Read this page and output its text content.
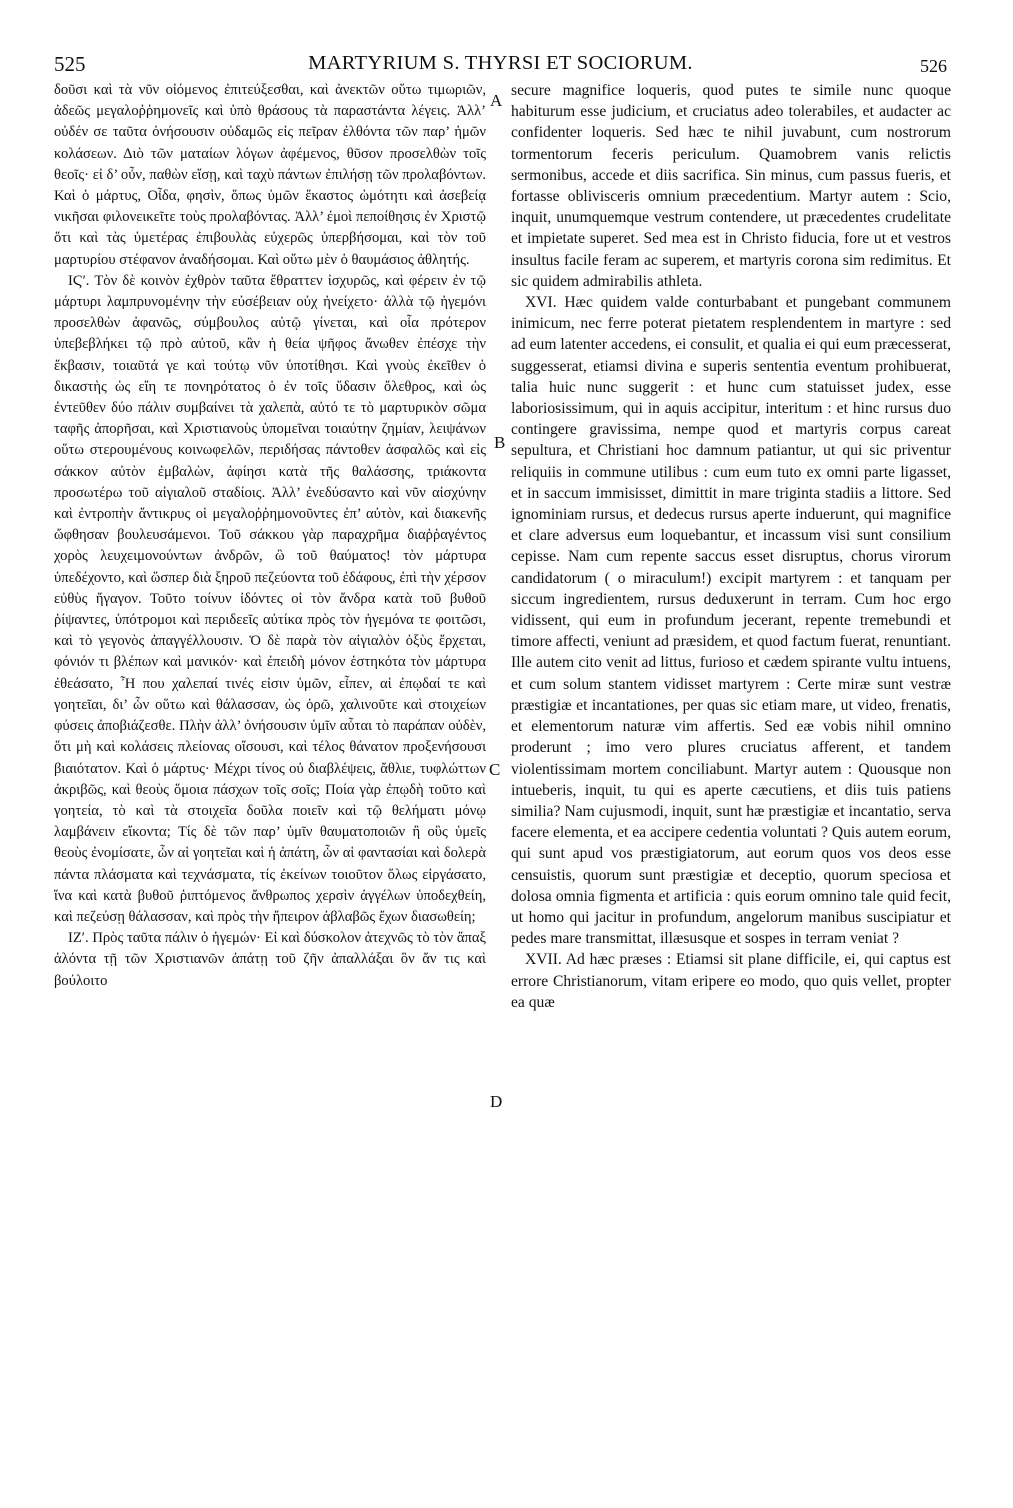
525	MARTYRIUM S. THYRSI ET SOCIORUM.	526

δοῦσι καὶ τὰ νῦν οἰόμενος ἐπιτεύξεσθαι, καὶ ἀνεκτῶν οὕτω τιμωριῶν, ἀδεῶς μεγαλοῤῥημονεῖς καὶ ὑπὸ θράσους τὰ παραστάντα λέγεις. Ἀλλ’ οὐδέν σε ταῦτα ὀνήσουσιν οὐδαμῶς εἰς πεῖραν ἐλθόντα τῶν παρ’ ἡμῶν κολάσεων. Διὸ τῶν ματαίων λόγων ἀφέμενος, θῦσον προσελθὼν τοῖς θεοῖς· εἰ δ’ οὖν, παθὼν εἴσῃ, καὶ ταχὺ πάντων ἐπιλήσῃ τῶν προλαβόντων. Καὶ ὁ μάρτυς, Οἶδα, φησὶν, ὅπως ὑμῶν ἕκαστος ὠμότητι καὶ ἀσεβείᾳ νικῆσαι φιλονεικεῖτε τοὺς προλαβόντας. Ἀλλ’ ἐμοὶ πεποίθησις ἐν Χριστῷ ὅτι καὶ τὰς ὑμετέρας ἐπιβουλὰς εὐχερῶς ὑπερβήσομαι, καὶ τὸν τοῦ μαρτυρίου στέφανον ἀναδήσομαι. Καὶ οὕτω μὲν ὁ θαυμάσιος ἀθλητής.

ΙϚʹ. Τὸν δὲ κοινὸν ἐχθρὸν ταῦτα ἔθραττεν ἰσχυρῶς, καὶ φέρειν ἐν τῷ μάρτυρι λαμπρυνομένην τὴν εὐσέβειαν οὐχ ἠνείχετο· ἀλλὰ τῷ ἡγεμόνι προσελθὼν ἀφανῶς, σύμβουλος αὐτῷ γίνεται, καὶ οἷα πρότερον ὑπεβεβλήκει τῷ πρὸ αὐτοῦ, κἂν ἡ θεία ψῆφος ἄνωθεν ἐπέσχε τὴν ἔκβασιν, τοιαῦτά γε καὶ τούτῳ νῦν ὑποτίθησι. Καὶ γνοὺς ἐκεῖθεν ὁ δικαστὴς ὡς εἴη τε πονηρότατος ὁ ἐν τοῖς ὕδασιν ὄλεθρος, καὶ ὡς ἐντεῦθεν δύο πάλιν συμβαίνει τὰ χαλεπὰ, αὐτό τε τὸ μαρτυρικὸν σῶμα ταφῆς ἀπορῆσαι, καὶ Χριστιανοὺς ὑπομεῖναι τοιαύτην ζημίαν, λειψάνων οὕτω στερουμένους κοινωφελῶν, περιδήσας πάντοθεν ἀσφαλῶς καὶ εἰς σάκκον αὐτὸν ἐμβαλὼν, ἀφίησι κατὰ τῆς θαλάσσης, τριάκοντα προσωτέρω τοῦ αἰγιαλοῦ σταδίοις. Ἀλλ’ ἐνεδύσαντο καὶ νῦν αἰσχύνην καὶ ἐντροπὴν ἄντικρυς οἱ μεγαλοῤῥημονοῦντες ἐπ’ αὐτὸν, καὶ διακενῆς ὤφθησαν βουλευσάμενοι. Τοῦ σάκκου γὰρ παραχρῆμα διαῤῥαγέντος χορὸς λευχειμονούντων ἀνδρῶν, ὢ τοῦ θαύματος! τὸν μάρτυρα ὑπεδέχοντο, καὶ ὥσπερ διὰ ξηροῦ πεζεύοντα τοῦ ἐδάφους, ἐπὶ τὴν χέρσον εὐθὺς ἤγαγον. Τοῦτο τοίνυν ἰδόντες οἱ τὸν ἄνδρα κατὰ τοῦ βυθοῦ ῥίψαντες, ὑπότρομοι καὶ περιδεεῖς αὐτίκα πρὸς τὸν ἡγεμόνα τε φοιτῶσι, καὶ τὸ γεγονὸς ἀπαγγέλλουσιν. Ὁ δὲ παρὰ τὸν αἰγιαλὸν ὀξὺς ἔρχεται, φόνιόν τι βλέπων καὶ μανικόν· καὶ ἐπειδὴ μόνον ἑστηκότα τὸν μάρτυρα ἐθεάσατο, Ἦ που χαλεπαί τινές εἰσιν ὑμῶν, εἶπεν, αἱ ἐπῳδαί τε καὶ γοητεῖαι, δι’ ὧν οὕτω καὶ θάλασσαν, ὡς ὁρῶ, χαλινοῦτε καὶ στοιχείων φύσεις ἀποβιάζεσθε. Πλὴν ἀλλ’ ὀνήσουσιν ὑμῖν αὗται τὸ παράπαν οὐδὲν, ὅτι μὴ καὶ κολάσεις πλείονας οἴσουσι, καὶ τέλος θάνατον προξενήσουσι βιαιότατον. Καὶ ὁ μάρτυς· Μέχρι τίνος οὐ διαβλέψεις, ἄθλιε, τυφλώττων ἀκριβῶς, καὶ θεοὺς ὅμοια πάσχων τοῖς σοῖς; Ποία γὰρ ἐπῳδὴ τοῦτο καὶ γοητεία, τὸ καὶ τὰ στοιχεῖα δοῦλα ποιεῖν καὶ τῷ θελήματι μόνῳ λαμβάνειν εἴκοντα; Τίς δὲ τῶν παρ’ ὑμῖν θαυματοποιῶν ἢ οὓς ὑμεῖς θεοὺς ἐνομίσατε, ὧν αἱ γοητεῖαι καὶ ἡ ἀπάτη, ὧν αἱ φαντασίαι καὶ δολερὰ πάντα πλάσματα καὶ τεχνάσματα, τίς ἐκείνων τοιοῦτον ὅλως εἰργάσατο, ἵνα καὶ κατὰ βυθοῦ ῥιπτόμενος ἄνθρωπος χερσὶν ἀγγέλων ὑποδεχθείη, καὶ πεζεύσῃ θάλασσαν, καὶ πρὸς τὴν ἤπειρον ἀβλαβῶς ἔχων διασωθείη;

ΙΖʹ. Πρὸς ταῦτα πάλιν ὁ ἡγεμών· Εἰ καὶ δύσκολον ἀτεχνῶς τὸ τὸν ἅπαξ ἁλόντα τῇ τῶν Χριστιανῶν ἀπάτῃ τοῦ ζῆν ἀπαλλάξαι ὃν ἄν τις καὶ βούλοιτο

A
B
C
D

secure magnifice loqueris, quod putes te simile nunc quoque habiturum esse judicium, et cruciatus adeo tolerabiles, et audacter ac confidenter loqueris. Sed hæc te nihil juvabunt, cum nostrorum tormentorum feceris periculum. Quamobrem vanis relictis sermonibus, accede et diis sacrifica. Sin minus, cum passus fueris, et fortasse oblivisceris omnium præcedentium. Martyr autem : Scio, inquit, unumquemque vestrum contendere, ut præcedentes crudelitate et impietate superet. Sed mea est in Christo fiducia, fore ut et vestros insultus facile feram ac superem, et martyris corona sim redimitus. Et sic quidem admirabilis athleta.

XVI. Hæc quidem valde conturbabant et pungebant communem inimicum, nec ferre poterat pietatem resplendentem in martyre : sed ad eum latenter accedens, ei consulit, et qualia ei qui eum præcesserat, suggesserat, etiamsi divina e superis sententia eventum prohibuerat, talia huic nunc suggerit : et hunc cum statuisset judex, esse laboriosissimum, qui in aquis accipitur, interitum : et hinc rursus duo contingere gravissima, nempe quod et martyris corpus careat sepultura, et Christiani hoc damnum patiantur, ut qui sic priventur reliquiis in commune utilibus : cum eum tuto ex omni parte ligasset, et in saccum immisisset, dimittit in mare triginta stadiis a littore. Sed ignominiam rursus, et dedecus rursus aperte induerunt, qui magnifice et clare adversus eum loquebantur, et incassum visi sunt consilium cepisse. Nam cum repente saccus esset disruptus, chorus virorum candidatorum ( o miraculum!) excipit martyrem : et tanquam per siccum ingredientem, rursus deduxerunt in terram. Cum hoc ergo vidissent, qui eum in profundum jecerant, repente tremebundi et timore affecti, veniunt ad præsidem, et quod factum fuerat, renuntiant. Ille autem cito venit ad littus, furioso et cædem spirante vultu intuens, et cum solum stantem vidisset martyrem : Certe miræ sunt vestræ præstigiæ et incantationes, per quas sic etiam mare, ut video, frenatis, et elementorum naturæ vim affertis. Sed eæ vobis nihil omnino proderunt ; imo vero plures cruciatus afferent, et tandem violentissimam mortem conciliabunt. Martyr autem : Quousque non intueberis, inquit, tu qui es aperte cæcutiens, et diis tuis patiens similia? Nam cujusmodi, inquit, sunt hæ præstigiæ et incantatio, serva facere elementa, et ea accipere cedentia voluntati ? Quis autem eorum, qui sunt apud vos præstigiatorum, aut eorum quos vos deos esse censuistis, quorum sunt præstigiæ et deceptio, quorum speciosa et dolosa omnia figmenta et artificia : quis eorum omnino tale quid fecit, ut homo qui jacitur in profundum, angelorum manibus suscipiatur et pedes mare transmittat, illæsusque et sospes in terram veniat ?

XVII. Ad hæc præses : Etiamsi sit plane difficile, ei, qui captus est errore Christianorum, vitam eripere eo modo, quo quis vellet, propter ea quæ
